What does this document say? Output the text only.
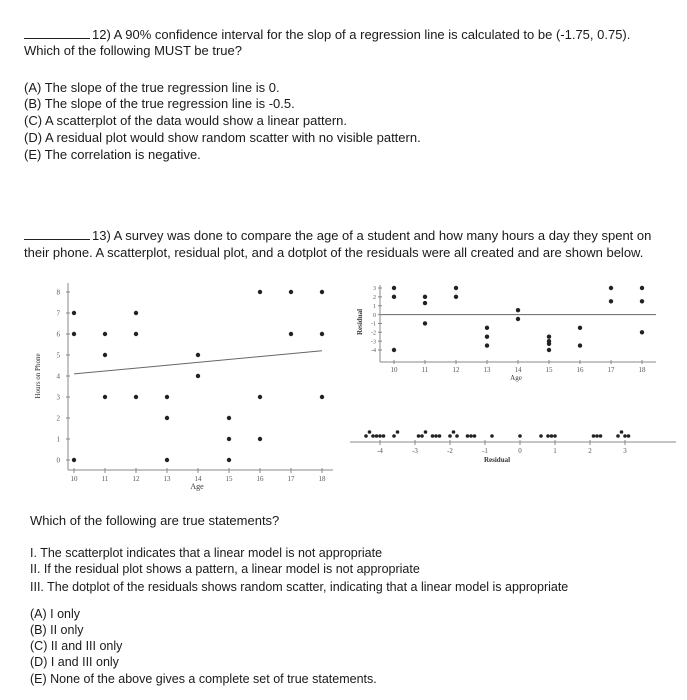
12) A 90% confidence interval for the slop of a regression line is calculated to be (-1.75, 0.75).
Which of the following MUST be true?
(A) The slope of the true regression line is 0.
(B) The slope of the true regression line is -0.5.
(C) A scatterplot of the data would show a linear pattern.
(D) A residual plot would show random scatter with no visible pattern.
(E) The correlation is negative.
13) A survey was done to compare the age of a student and how many hours a day they spent on
their phone. A scatterplot, residual plot, and a dotplot of the residuals were all created and are shown below.
0
1
2
3
4
5
6
7
8
10	11	12	13	14	15	16	17	18
Hours on Phone
Age
3
2
1
0
-1
-2
-3
-4
10	11	12	13	14	15	16	17	18
Residual
Age
-4	-3	-2	-1	0	1	2	3
Residual
Which of the following are true statements?
I. The scatterplot indicates that a linear model is not appropriate
II. If the residual plot shows a pattern, a linear model is not appropriate
III. The dotplot of the residuals shows random scatter, indicating that a linear model is appropriate
(A) I only
(B) II only
(C) II and III only
(D) I and III only
(E) None of the above gives a complete set of true statements.
